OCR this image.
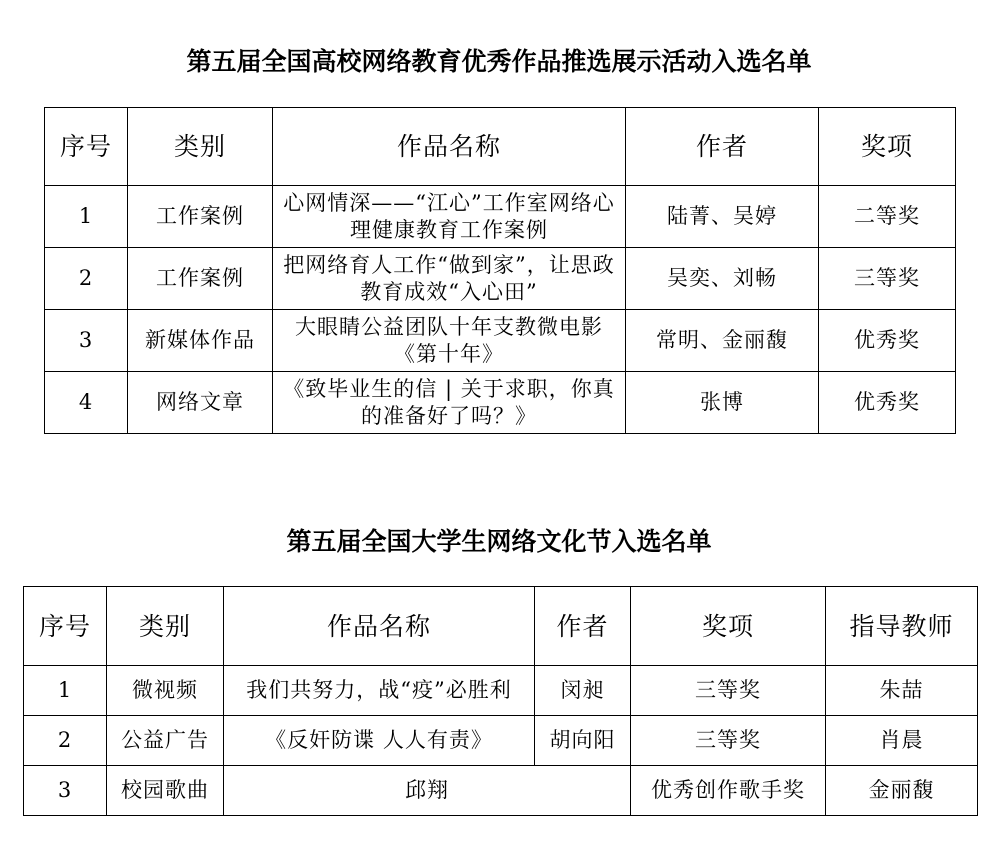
第五届全国高校网络教育优秀作品推选展示活动入选名单
序号	类别	作品名称	作者	奖项
1	工作案例	心网情深——“江心”工作室网络心理健康教育工作案例	陆菁、吴婷	二等奖
2	工作案例	把网络育人工作“做到家”，让思政教育成效“入心田”	吴奕、刘畅	三等奖
3	新媒体作品	大眼睛公益团队十年支教微电影《第十年》	常明、金丽馥	优秀奖
4	网络文章	《致毕业生的信 | 关于求职，你真的准备好了吗？》	张博	优秀奖
第五届全国大学生网络文化节入选名单
序号	类别	作品名称	作者	奖项	指导教师
1	微视频	我们共努力，战“疫”必胜利	闵昶	三等奖	朱喆
2	公益广告	《反奸防谍 人人有责》	胡向阳	三等奖	肖晨
3	校园歌曲	邱翔		优秀创作歌手奖	金丽馥
